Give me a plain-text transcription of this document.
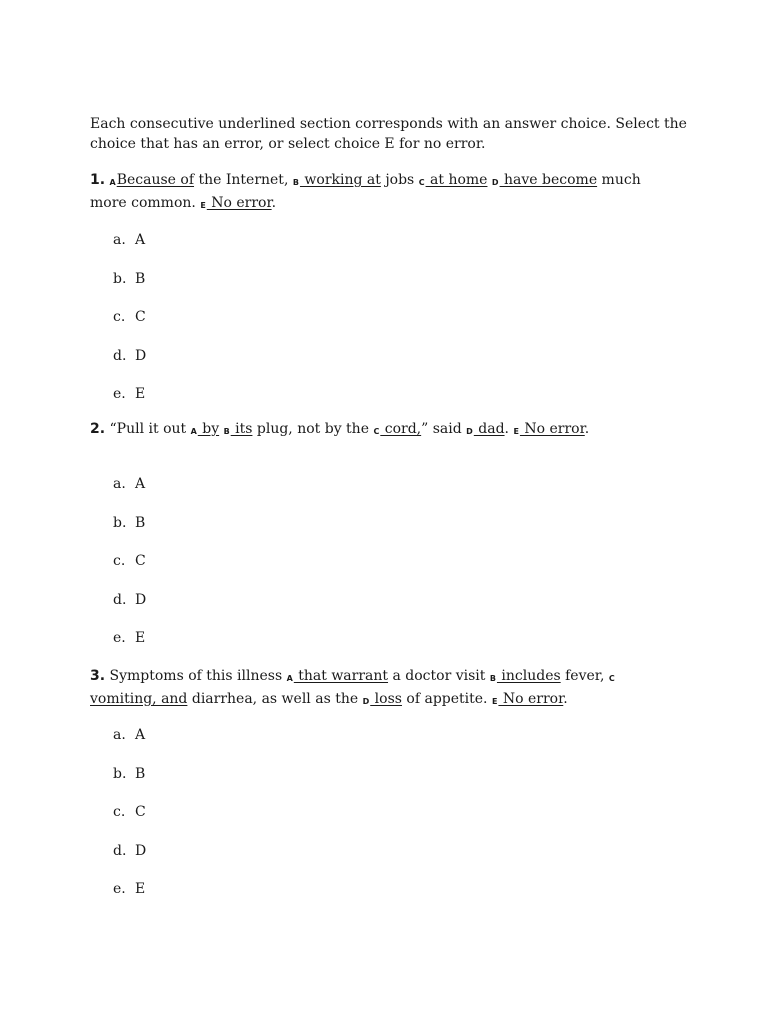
Each consecutive underlined section corresponds with an answer choice. Select the choice that has an error, or select choice E for no error.

1. ABecause of the Internet, B working at jobs C at home D have become much more common. E No error.

a. A
b. B
c. C
d. D
e. E

2. “Pull it out A by B its plug, not by the C cord,” said D dad. E No error.

a. A
b. B
c. C
d. D
e. E

3. Symptoms of this illness A that warrant a doctor visit B includes fever, C vomiting, and diarrhea, as well as the D loss of appetite. E No error.

a. A
b. B
c. C
d. D
e. E
